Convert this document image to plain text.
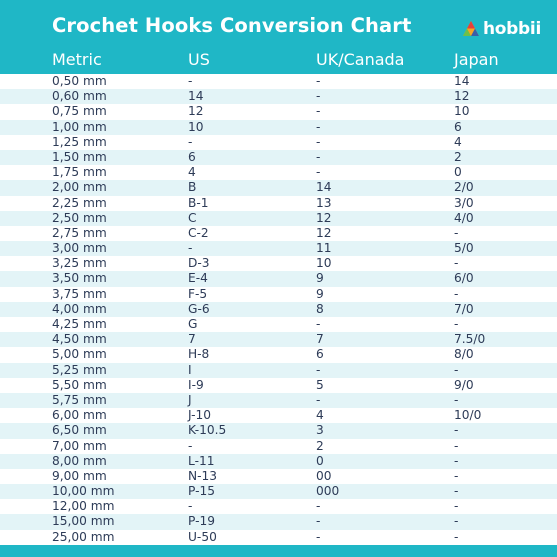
Crochet Hooks Conversion Chart	hobbii
Metric	US	UK/Canada	Japan
0,50 mm	-	-	14
0,60 mm	14	-	12
0,75 mm	12	-	10
1,00 mm	10	-	6
1,25 mm	-	-	4
1,50 mm	6	-	2
1,75 mm	4	-	0
2,00 mm	B	14	2/0
2,25 mm	B-1	13	3/0
2,50 mm	C	12	4/0
2,75 mm	C-2	12	-
3,00 mm	-	11	5/0
3,25 mm	D-3	10	-
3,50 mm	E-4	9	6/0
3,75 mm	F-5	9	-
4,00 mm	G-6	8	7/0
4,25 mm	G	-	-
4,50 mm	7	7	7.5/0
5,00 mm	H-8	6	8/0
5,25 mm	I	-	-
5,50 mm	I-9	5	9/0
5,75 mm	J	-	-
6,00 mm	J-10	4	10/0
6,50 mm	K-10.5	3	-
7,00 mm	-	2	-
8,00 mm	L-11	0	-
9,00 mm	N-13	00	-
10,00 mm	P-15	000	-
12,00 mm	-	-	-
15,00 mm	P-19	-	-
25,00 mm	U-50	-	-
